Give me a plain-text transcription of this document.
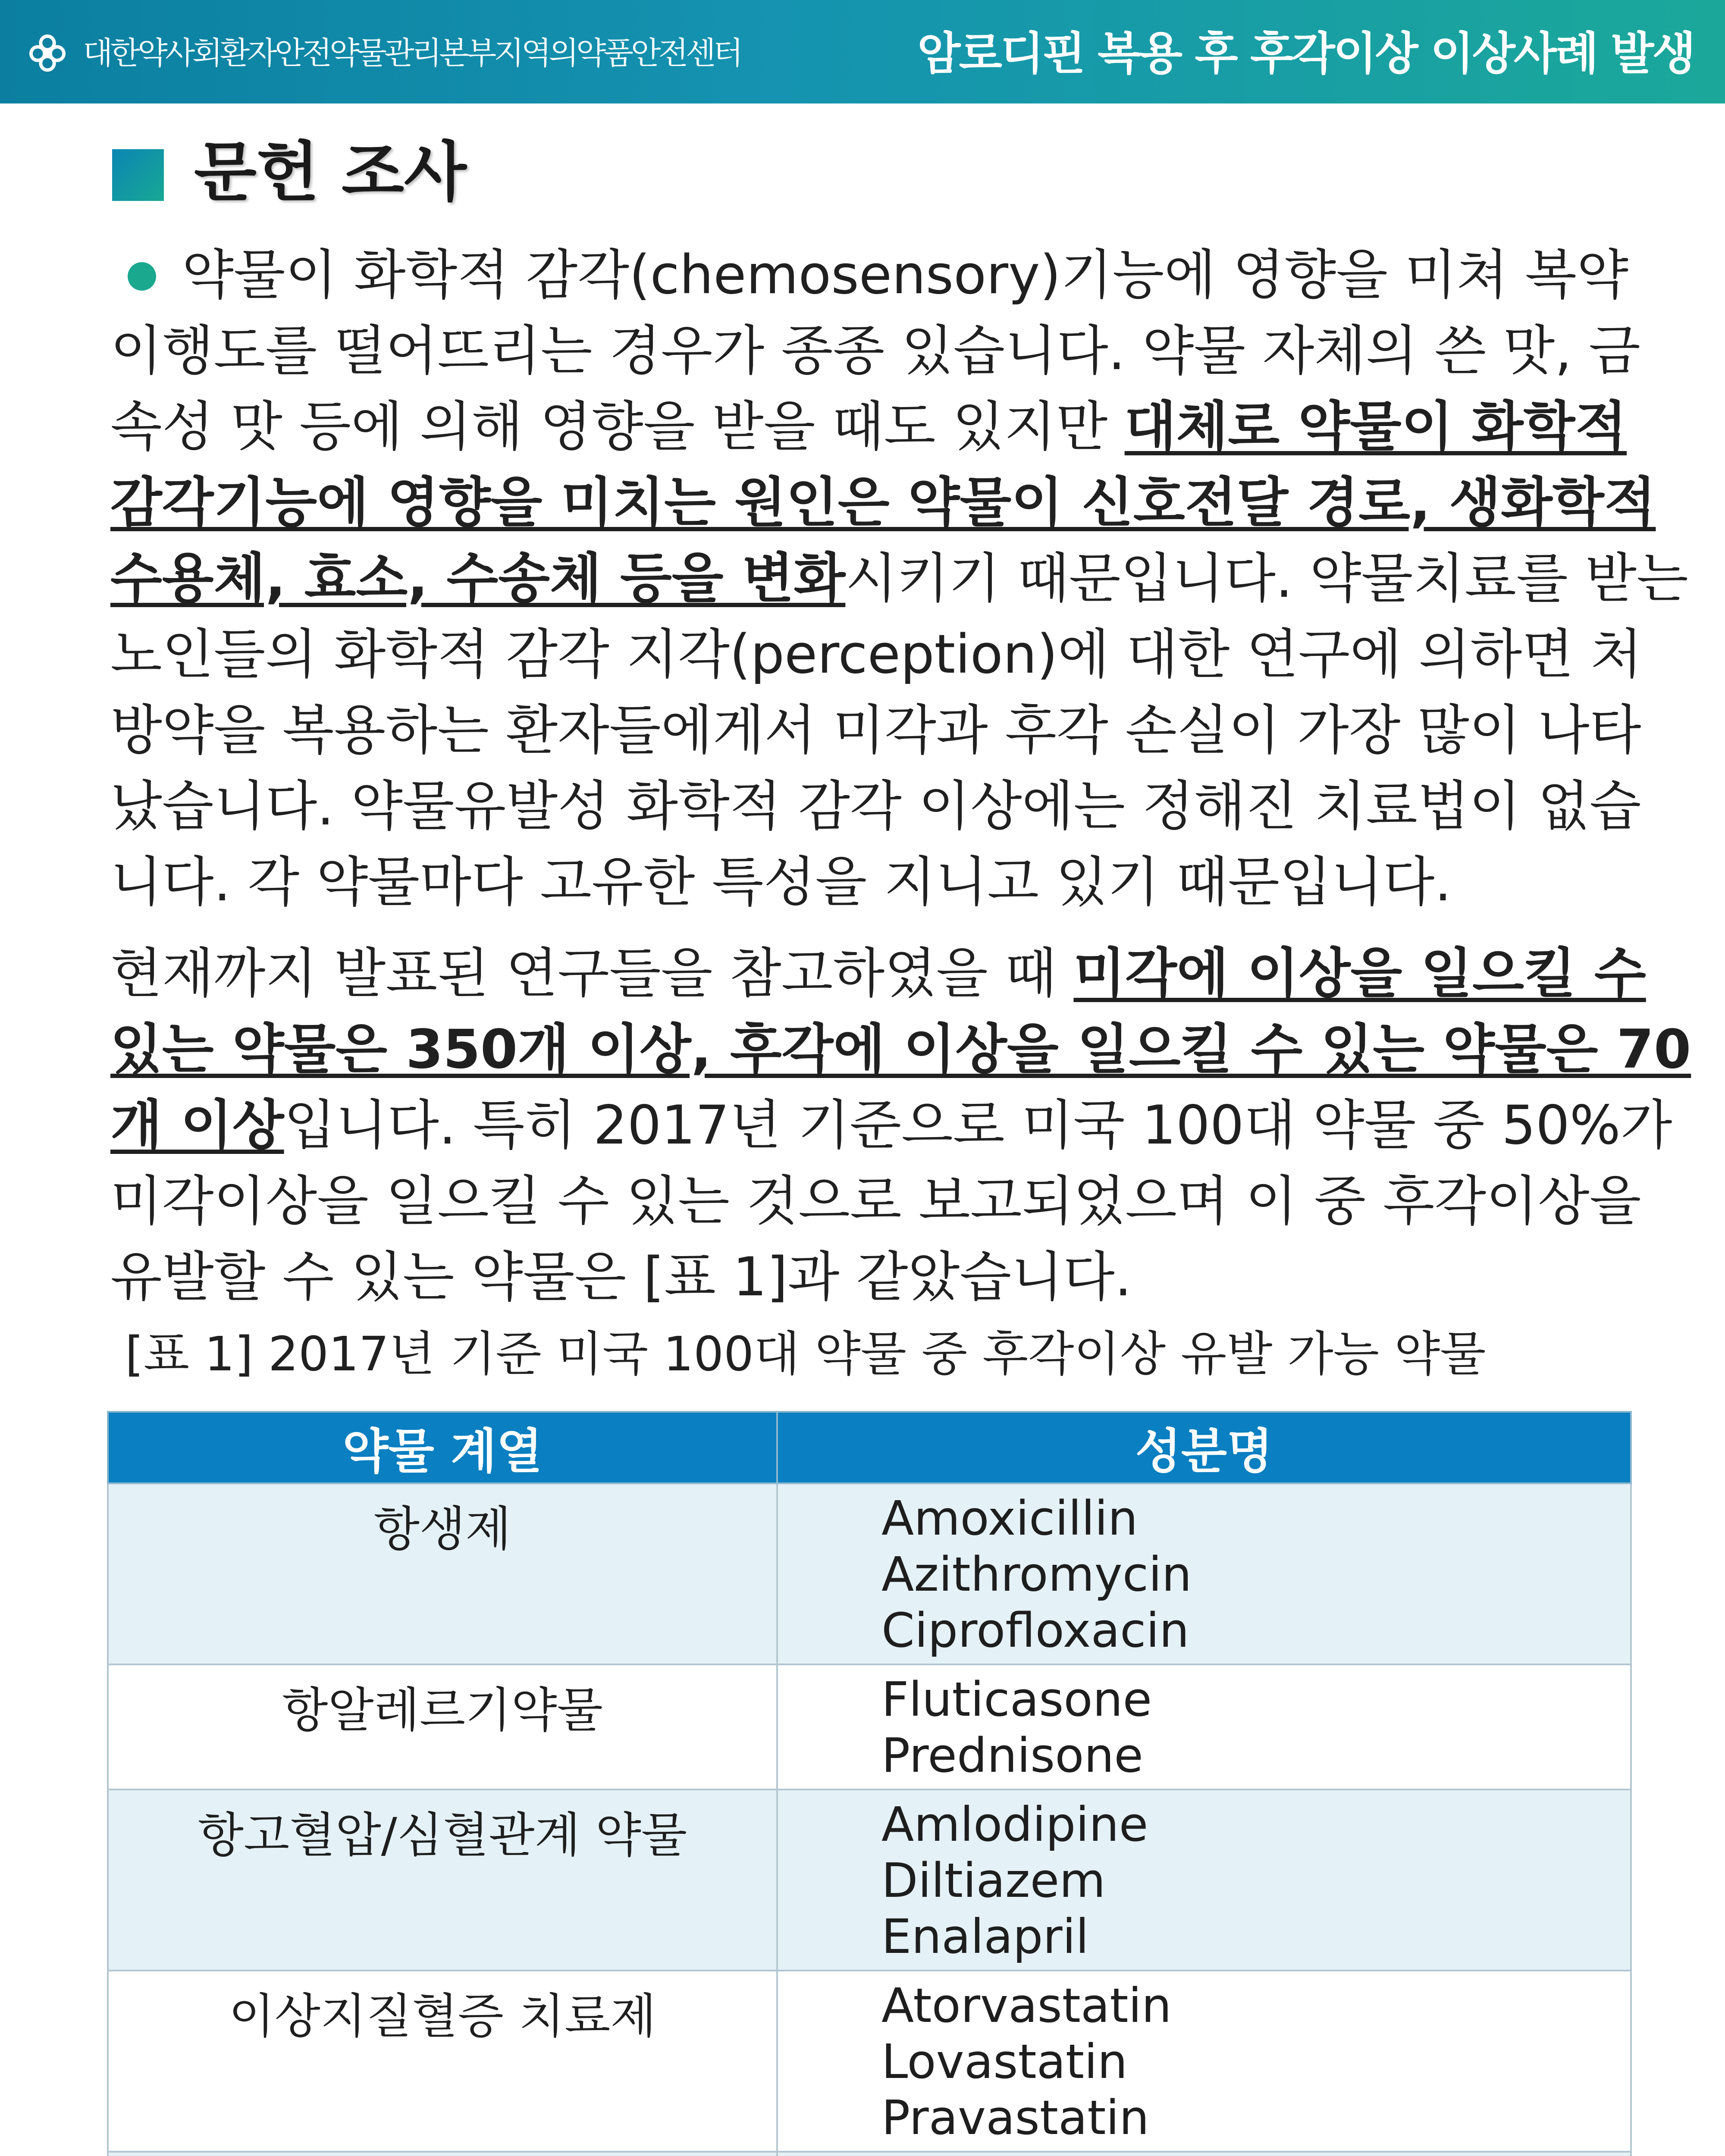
대한약사회환자안전약물관리본부지역의약품안전센터	암로디핀 복용 후 후각이상 이상사례 발생
문헌 조사
약물이 화학적 감각(chemosensory)기능에 영향을 미쳐 복약
이행도를 떨어뜨리는 경우가 종종 있습니다. 약물 자체의 쓴 맛, 금
속성 맛 등에 의해 영향을 받을 때도 있지만 대체로 약물이 화학적
감각기능에 영향을 미치는 원인은 약물이 신호전달 경로, 생화학적
수용체, 효소, 수송체 등을 변화시키기 때문입니다. 약물치료를 받는
노인들의 화학적 감각 지각(perception)에 대한 연구에 의하면 처
방약을 복용하는 환자들에게서 미각과 후각 손실이 가장 많이 나타
났습니다. 약물유발성 화학적 감각 이상에는 정해진 치료법이 없습
니다. 각 약물마다 고유한 특성을 지니고 있기 때문입니다.
현재까지 발표된 연구들을 참고하였을 때 미각에 이상을 일으킬 수
있는 약물은 350개 이상, 후각에 이상을 일으킬 수 있는 약물은 70
개 이상입니다. 특히 2017년 기준으로 미국 100대 약물 중 50%가
미각이상을 일으킬 수 있는 것으로 보고되었으며 이 중 후각이상을
유발할 수 있는 약물은 [표 1]과 같았습니다.
[표 1] 2017년 기준 미국 100대 약물 중 후각이상 유발 가능 약물
약물 계열	성분명
항생제	Amoxicillin
Azithromycin
Ciprofloxacin

항알레르기약물	Fluticasone
Prednisone

항고혈압/심혈관계 약물	Amlodipine
Diltiazem
Enalapril

이상지질혈증 치료제	Atorvastatin
Lovastatin
Pravastatin
